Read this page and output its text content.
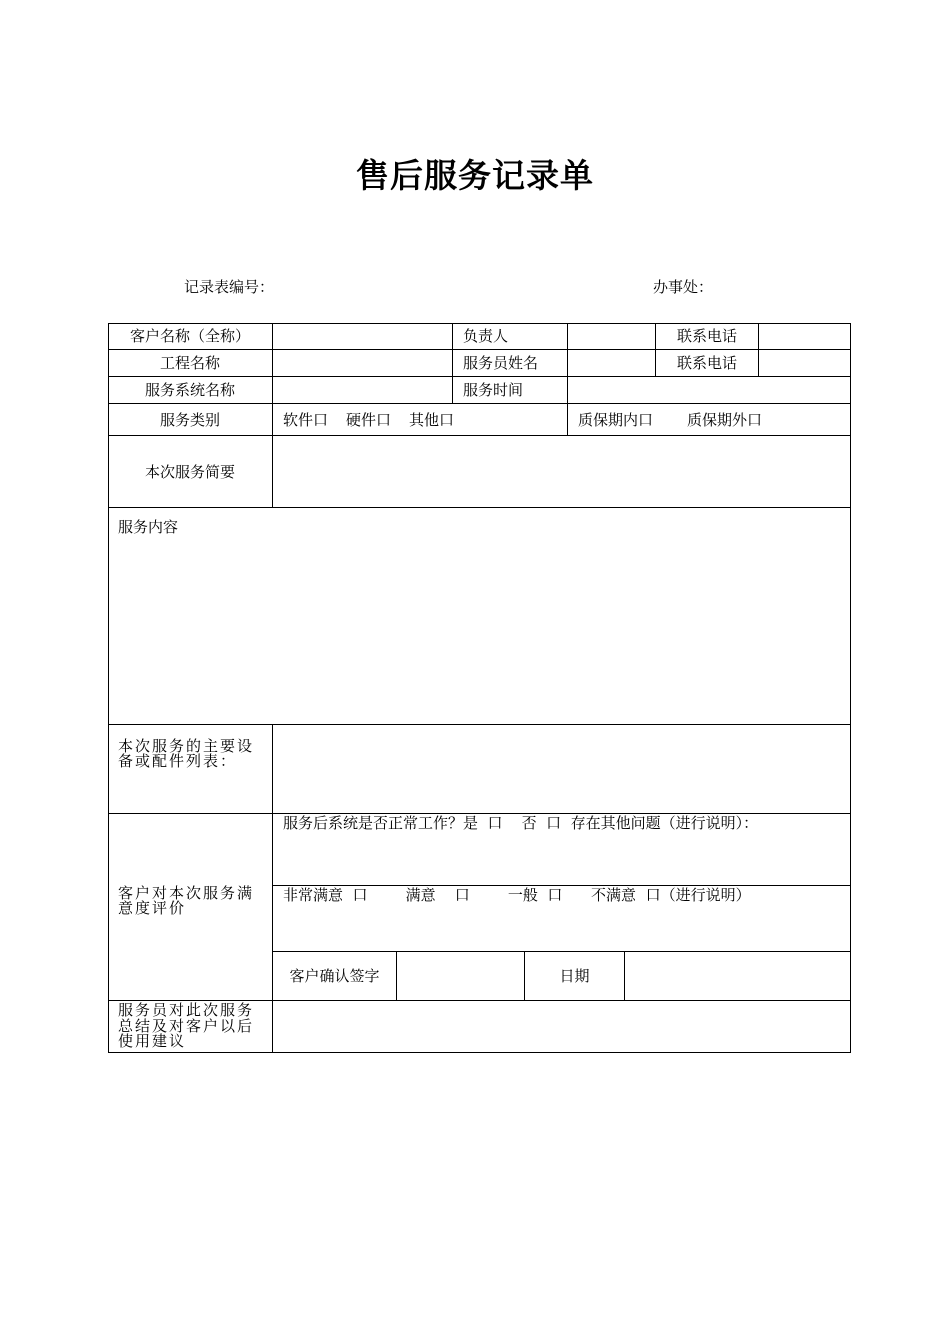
售后服务记录单
记录表编号：	办事处：
客户名称（全称）	负责人	联系电话
工程名称	服务员姓名	联系电话
服务系统名称	服务时间
服务类别	软件口 硬件口 其他口	质保期内口 质保期外口
本次服务简要
服务内容
本次服务的主要设备或配件列表：
客户对本次服务满意度评价
服务后系统是否正常工作？是  口    否  口  存在其他问题（进行说明）：
非常满意  口        满意    口        一般  口      不满意  口（进行说明）
客户确认签字	日期
服务员对此次服务总结及对客户以后使用建议
